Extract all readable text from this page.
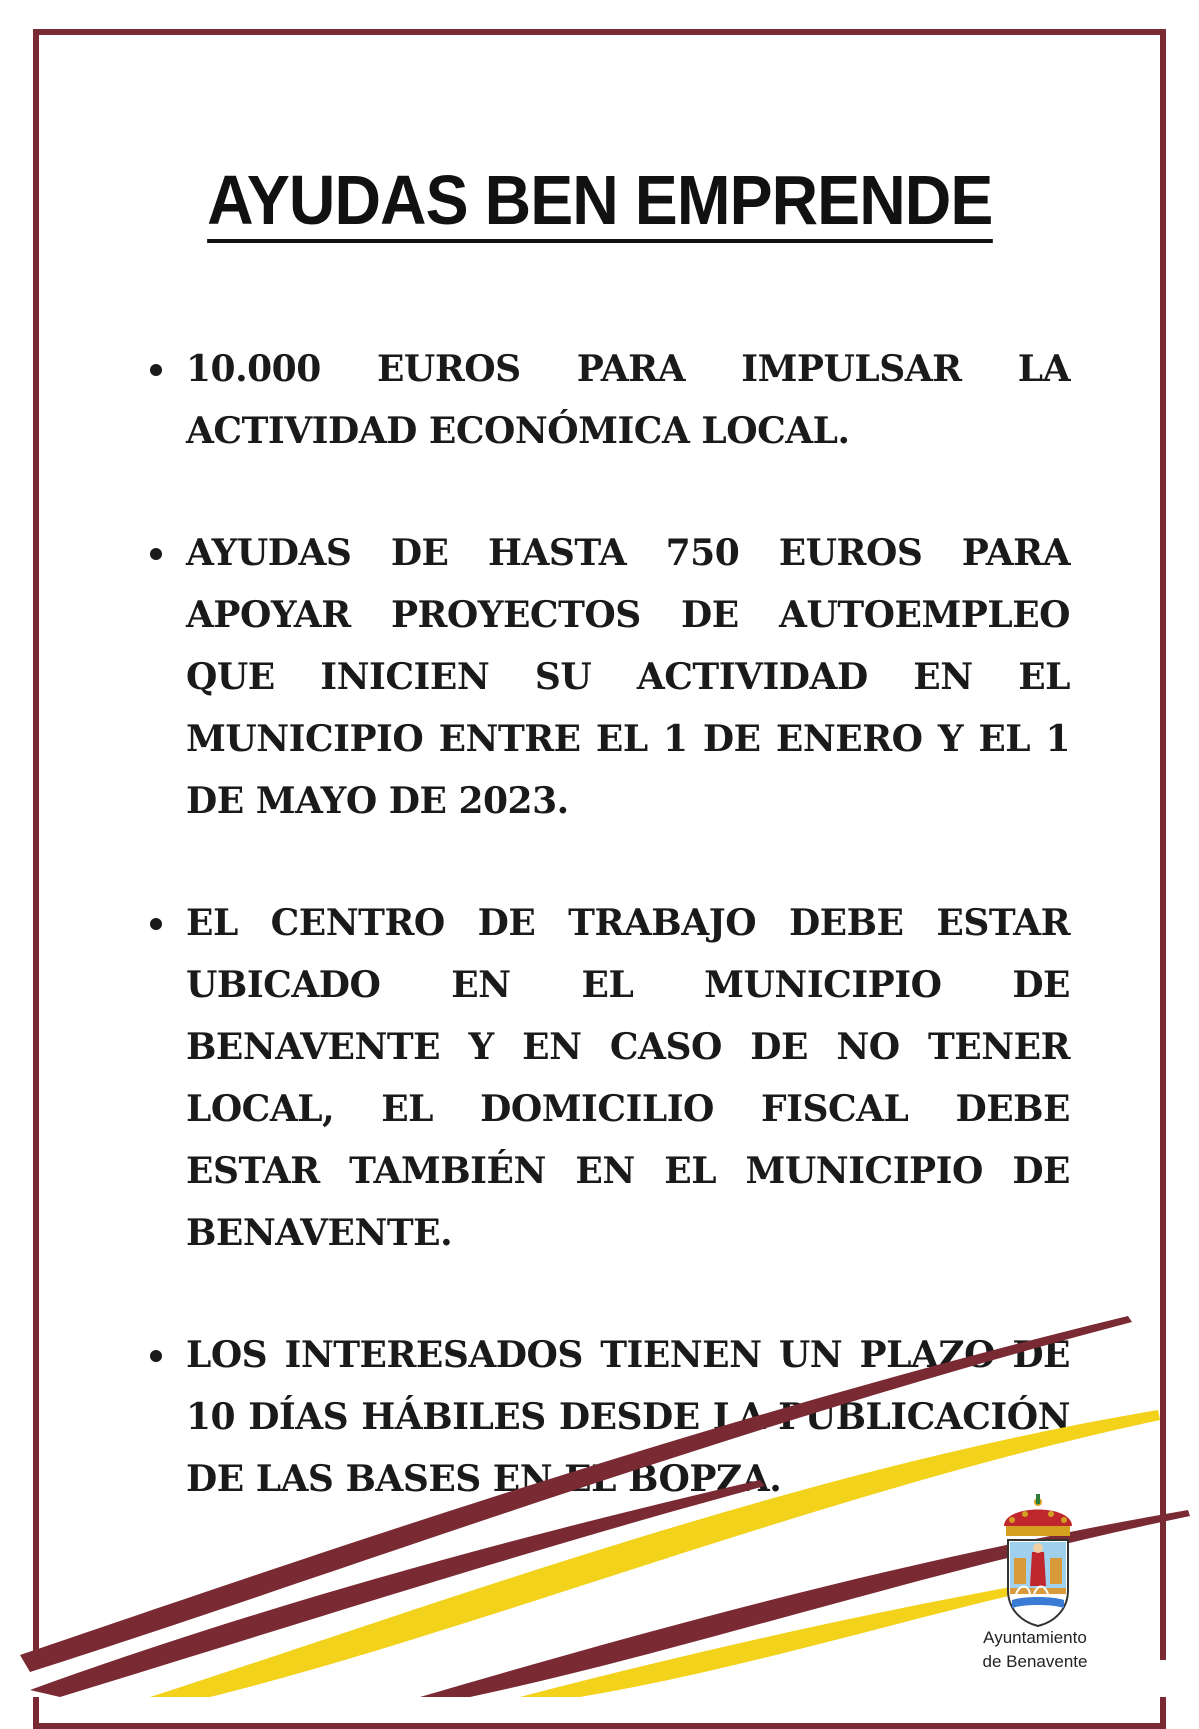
AYUDAS BEN EMPRENDE
10.000 EUROS PARA IMPULSAR LA ACTIVIDAD ECONÓMICA LOCAL.
AYUDAS DE HASTA 750 EUROS PARA APOYAR PROYECTOS DE AUTOEMPLEO QUE INICIEN SU ACTIVIDAD EN EL MUNICIPIO ENTRE EL 1 DE ENERO Y EL 1 DE MAYO DE 2023.
EL CENTRO DE TRABAJO DEBE ESTAR UBICADO EN EL MUNICIPIO DE BENAVENTE Y EN CASO DE NO TENER LOCAL, EL DOMICILIO FISCAL DEBE ESTAR TAMBIÉN EN EL MUNICIPIO DE BENAVENTE.
LOS INTERESADOS TIENEN UN PLAZO DE 10 DÍAS HÁBILES DESDE LA PUBLICACIÓN DE LAS BASES EN EL BOPZA.
Ayuntamiento
de Benavente
